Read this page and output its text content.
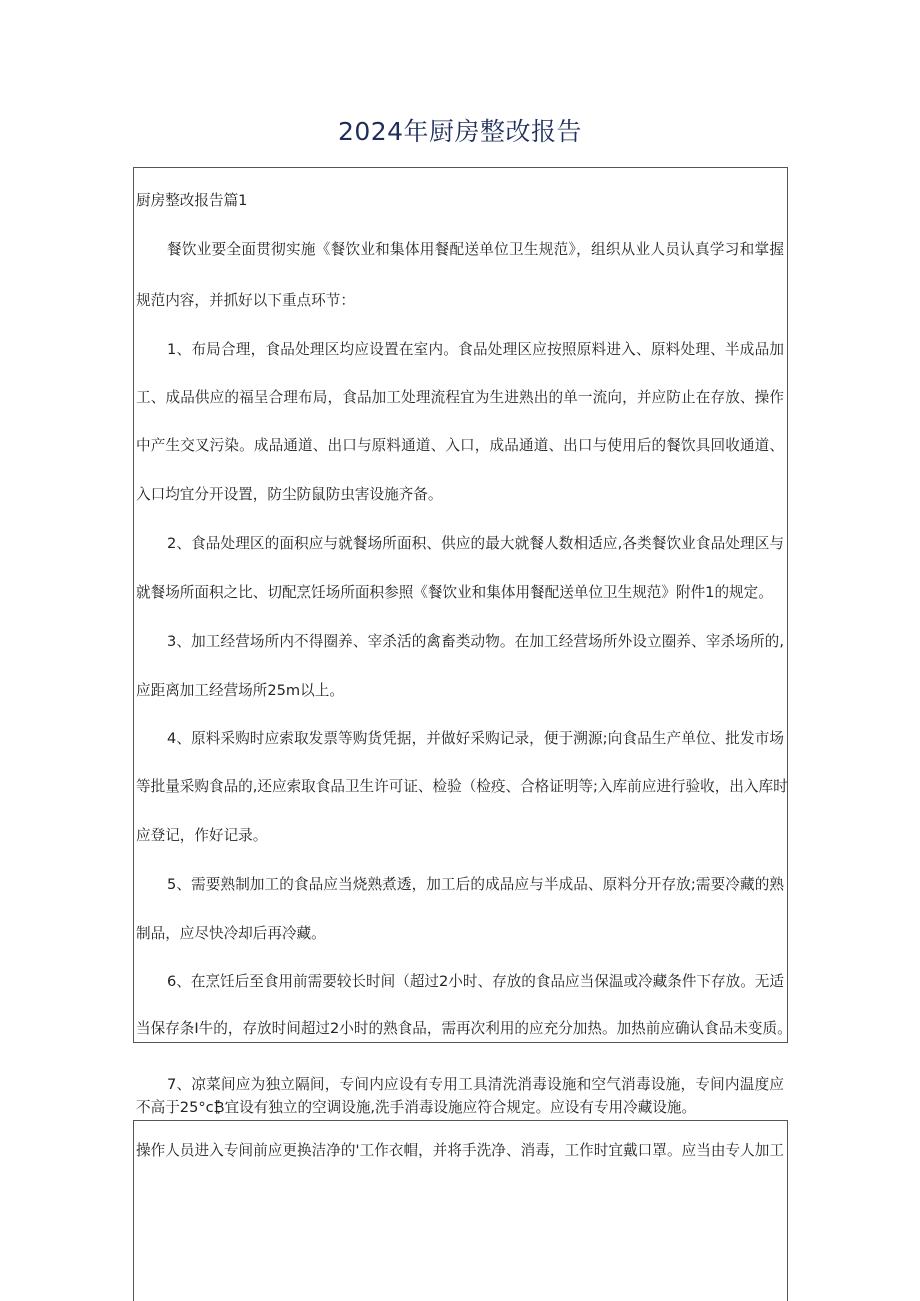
2024年厨房整改报告
厨房整改报告篇1
餐饮业要全面贯彻实施《餐饮业和集体用餐配送单位卫生规范》，组织从业人员认真学习和掌握
规范内容，并抓好以下重点环节：
1、布局合理，食品处理区均应设置在室内。食品处理区应按照原料进入、原料处理、半成品加
工、成品供应的福呈合理布局，食品加工处理流程宜为生进熟出的单一流向，并应防止在存放、操作
中产生交叉污染。成品通道、出口与原料通道、入口，成品通道、出口与使用后的餐饮具回收通道、
入口均宜分开设置，防尘防鼠防虫害设施齐备。
2、食品处理区的面积应与就餐场所面积、供应的最大就餐人数相适应,各类餐饮业食品处理区与
就餐场所面积之比、切配烹饪场所面积参照《餐饮业和集体用餐配送单位卫生规范》附件1的规定。
3、加工经营场所内不得圈养、宰杀活的禽畜类动物。在加工经营场所外设立圈养、宰杀场所的,
应距离加工经营场所25m以上。
4、原料采购时应索取发票等购货凭据，并做好采购记录，便于溯源;向食品生产单位、批发市场
等批量采购食品的,还应索取食品卫生许可证、检验（检疫、合格证明等;入库前应进行验收，出入库时
应登记，作好记录。
5、需要熟制加工的食品应当烧熟煮透，加工后的成品应与半成品、原料分开存放;需要冷藏的熟
制品，应尽快冷却后再冷藏。
6、在烹饪后至食用前需要较长时间（超过2小时、存放的食品应当保温或冷藏条件下存放。无适
当保存条I牛的，存放时间超过2小时的熟食品，需再次利用的应充分加热。加热前应确认食品未变质。
7、凉菜间应为独立隔间，专间内应设有专用工具清洗消毒设施和空气消毒设施，专间内温度应
不高于25°c₿宜设有独立的空调设施,洗手消毒设施应符合规定。应设有专用冷藏设施。
操作人员进入专间前应更换洁净的'工作衣帽，并将手洗净、消毒，工作时宜戴口罩。应当由专人加工
